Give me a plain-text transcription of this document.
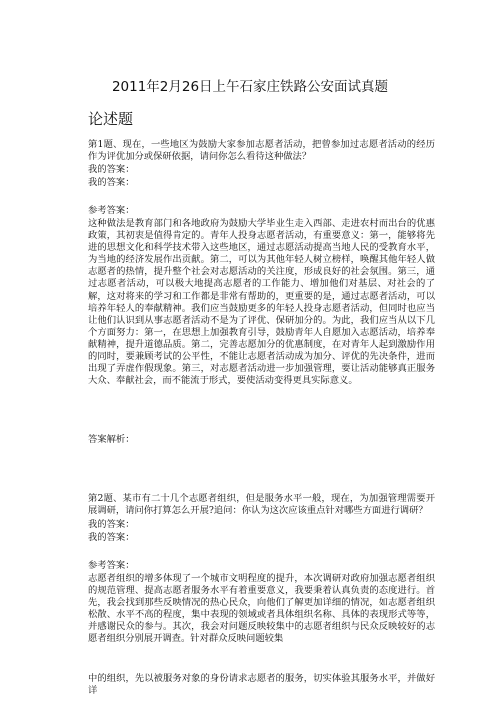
2011年2月26日上午石家庄铁路公安面试真题
论述题

第1题、现在，一些地区为鼓励大家参加志愿者活动，把曾参加过志愿者活动的经历作为评优加分或保研依据，请问你怎么看待这种做法？

我的答案：
我的答案：
参考答案：

这种做法是教育部门和各地政府为鼓励大学毕业生走入西部、走进农村而出台的优惠政策，其初衷是值得肯定的。青年人投身志愿者活动，有重要意义：第一，能够将先进的思想文化和科学技术带入这些地区，通过志愿活动提高当地人民的受教育水平，为当地的经济发展作出贡献。第二，可以为其他年轻人树立榜样，唤醒其他年轻人做志愿者的热情，提升整个社会对志愿活动的关注度，形成良好的社会氛围。第三，通过志愿者活动，可以极大地提高志愿者的工作能力、增加他们对基层、对社会的了解，这对将来的学习和工作都是非常有帮助的，更重要的是，通过志愿者活动，可以培养年轻人的奉献精神。我们应当鼓励更多的年轻人投身志愿者活动，但同时也应当让他们认识到从事志愿者活动不是为了评优、保研加分的。为此，我们应当从以下几个方面努力：第一，在思想上加强教育引导，鼓励青年人自愿加入志愿活动，培养奉献精神，提升道德品质。第二，完善志愿加分的优惠制度，在对青年人起到激励作用的同时，要兼顾考试的公平性，不能让志愿者活动成为加分、评优的先决条件，进而出现了弄虚作假现象。第三，对志愿者活动进一步加强管理，要让活动能够真正服务大众、奉献社会，而不能流于形式，要使活动变得更具实际意义。

答案解析：

第2题、某市有二十几个志愿者组织，但是服务水平一般，现在，为加强管理需要开展调研，请问你打算怎么开展?追问：你认为这次应该重点针对哪些方面进行调研？

我的答案：
我的答案：
参考答案：

志愿者组织的增多体现了一个城市文明程度的提升，本次调研对政府加强志愿者组织的规范管理、提高志愿者服务水平有着重要意义，我要秉着认真负责的态度进行。首先，我会找到那些反映情况的热心民众，向他们了解更加详细的情况，如志愿者组织松散、水平不高的程度，集中表现的领域或者具体组织名称、具体的表现形式等等，并感谢民众的参与。其次，我会对问题反映较集中的志愿者组织与民众反映较好的志愿者组织分别展开调查。针对群众反映问题较集

中的组织，先以被服务对象的身份请求志愿者的服务，切实体验其服务水平，并做好详
